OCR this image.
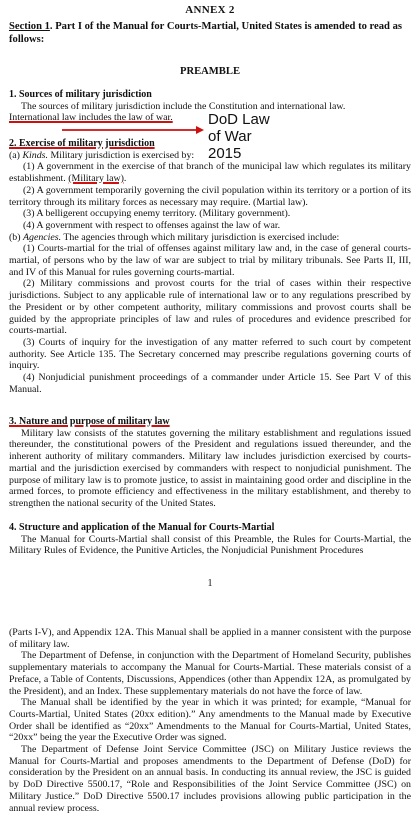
ANNEX 2
Section 1. Part I of the Manual for Courts-Martial, United States is amended to read as follows:
PREAMBLE

1. Sources of military jurisdiction

The sources of military jurisdiction include the Constitution and international law.

International law includes the law of war.

2. Exercise of military jurisdiction

(a) Kinds. Military jurisdiction is exercised by:

(1) A government in the exercise of that branch of the municipal law which regulates its military establishment. (Military law).

(2) A government temporarily governing the civil population within its territory or a portion of its territory through its military forces as necessary may require. (Martial law).

(3) A belligerent occupying enemy territory. (Military government).

(4) A government with respect to offenses against the law of war.

(b) Agencies. The agencies through which military jurisdiction is exercised include:

(1) Courts-martial for the trial of offenses against military law and, in the case of general courts-martial, of persons who by the law of war are subject to trial by military tribunals. See Parts II, III, and IV of this Manual for rules governing courts-martial.

(2) Military commissions and provost courts for the trial of cases within their respective jurisdictions. Subject to any applicable rule of international law or to any regulations prescribed by the President or by other competent authority, military commissions and provost courts shall be guided by the appropriate principles of law and rules of procedures and evidence prescribed for courts-martial.

(3) Courts of inquiry for the investigation of any matter referred to such court by competent authority. See Article 135. The Secretary concerned may prescribe regulations governing courts of inquiry.

(4) Nonjudicial punishment proceedings of a commander under Article 15. See Part V of this Manual.

3. Nature and purpose of military law

Military law consists of the statutes governing the military establishment and regulations issued thereunder, the constitutional powers of the President and regulations issued thereunder, and the inherent authority of military commanders. Military law includes jurisdiction exercised by courts-martial and the jurisdiction exercised by commanders with respect to nonjudicial punishment. The purpose of military law is to promote justice, to assist in maintaining good order and discipline in the armed forces, to promote efficiency and effectiveness in the military establishment, and thereby to strengthen the national security of the United States.

4. Structure and application of the Manual for Courts-Martial

The Manual for Courts-Martial shall consist of this Preamble, the Rules for Courts-Martial, the Military Rules of Evidence, the Punitive Articles, the Nonjudicial Punishment Procedures

1

(Parts I-V), and Appendix 12A. This Manual shall be applied in a manner consistent with the purpose of military law.

The Department of Defense, in conjunction with the Department of Homeland Security, publishes supplementary materials to accompany the Manual for Courts-Martial. These materials consist of a Preface, a Table of Contents, Discussions, Appendices (other than Appendix 12A, as promulgated by the President), and an Index. These supplementary materials do not have the force of law.

The Manual shall be identified by the year in which it was printed; for example, “Manual for Courts-Martial, United States (20xx edition).” Any amendments to the Manual made by Executive Order shall be identified as “20xx” Amendments to the Manual for Courts-Martial, United States, “20xx” being the year the Executive Order was signed.

The Department of Defense Joint Service Committee (JSC) on Military Justice reviews the Manual for Courts-Martial and proposes amendments to the Department of Defense (DoD) for consideration by the President on an annual basis. In conducting its annual review, the JSC is guided by DoD Directive 5500.17, “Role and Responsibilities of the Joint Service Committee (JSC) on Military Justice.” DoD Directive 5500.17 includes provisions allowing public participation in the annual review process.

DoD Law
of War
2015
